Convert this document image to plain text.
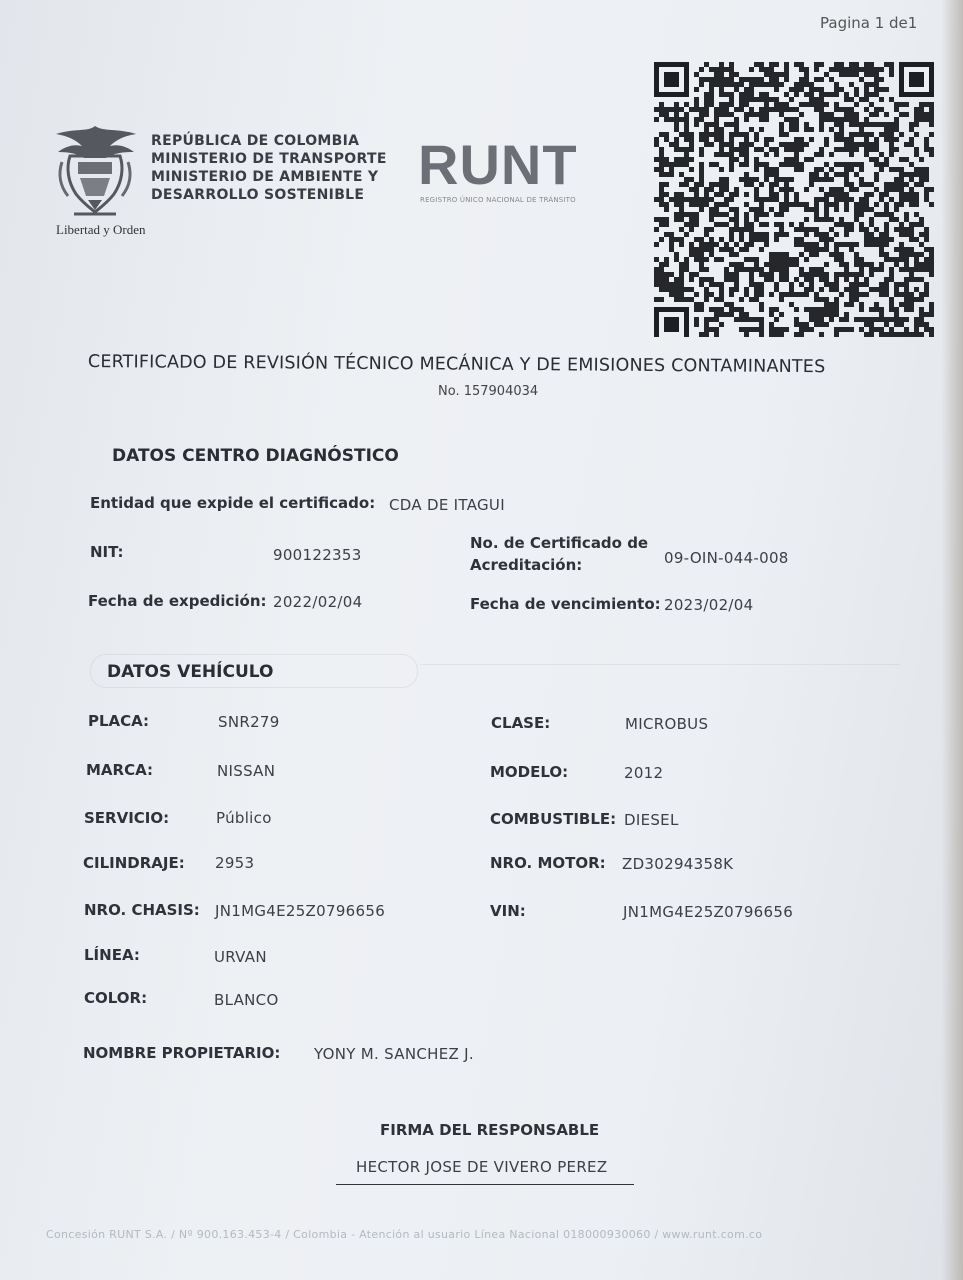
Pagina 1 de1
Libertad y Orden
REPÚBLICA DE COLOMBIA
MINISTERIO DE TRANSPORTE
MINISTERIO DE AMBIENTE Y
DESARROLLO SOSTENIBLE RUNT
REGISTRO ÚNICO NACIONAL DE TRÁNSITO
CERTIFICADO DE REVISIÓN TÉCNICO MECÁNICA Y DE EMISIONES CONTAMINANTES
No. 157904034
DATOS CENTRO DIAGNÓSTICO
Entidad que expide el certificado: CDA DE ITAGUI
NIT:	900122353
No. de Certificado de
Acreditación:	09-OIN-044-008
Fecha de expedición: 2022/02/04	Fecha de vencimiento: 2023/02/04
DATOS VEHÍCULO
PLACA:	SNR279	CLASE:	MICROBUS
MARCA:	NISSAN	MODELO:	2012
SERVICIO:	Público	COMBUSTIBLE: DIESEL
CILINDRAJE: 2953	NRO. MOTOR: ZD30294358K
NRO. CHASIS: JN1MG4E25Z0796656	VIN:	JN1MG4E25Z0796656
LÍNEA:	URVAN
COLOR:	BLANCO
NOMBRE PROPIETARIO: YONY M. SANCHEZ J.
FIRMA DEL RESPONSABLE
HECTOR JOSE DE VIVERO PEREZ
Concesión RUNT S.A. / Nº 900.163.453-4 / Colombia - Atención al usuario Línea Nacional 018000930060 / www.runt.com.co
